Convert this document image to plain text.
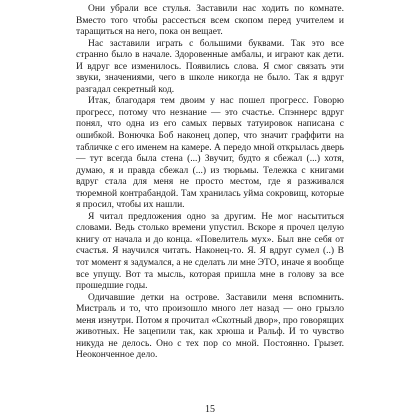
Они убрали все стулья. Заставили нас ходить по комнате. Вместо того чтобы рассесться всем скопом перед учителем и таращиться на него, пока он вещает.

Нас заставили играть с большими буквами. Так это все странно было в начале. Здоровенные амбалы, и играют как дети. И вдруг все изменилось. Появились слова. Я смог связать эти звуки, значениями, чего в школе никогда не было. Так я вдруг разгадал секретный код.

Итак, благодаря тем двоим у нас пошел прогресс. Говорю прогресс, потому что незнание — это счастье. Спэннерс вдруг понял, что одна из его самых первых татуировок написана с ошибкой. Вонючка Боб наконец допер, что значит граффити на табличке с его именем на камере. А передо мной открылась дверь — тут всегда была стена (...) Звучит, будто я сбежал (...) хотя, думаю, я и правда сбежал (...) из тюрьмы. Тележка с книгами вдруг стала для меня не просто местом, где я разживался тюремной контрабандой. Там хранилась уйма сокровищ, которые я просил, чтобы их нашли.

Я читал предложения одно за другим. Не мог насытиться словами. Ведь столько времени упустил. Вскоре я прочел целую книгу от начала и до конца. «Повелитель мух». Был вне себя от счастья. Я научился читать. Наконец-то. Я. Я вдруг сумел (..) В тот момент я задумался, а не сделать ли мне ЭТО, иначе я вообще все упущу. Вот та мысль, которая пришла мне в голову за все прошедшие годы.

Одичавшие детки на острове. Заставили меня вспомнить. Мистраль и то, что произошло много лет назад — оно грызло меня изнутри. Потом я прочитал «Скотный двор», про говорящих животных. Не зацепили так, как хрюша и Ральф. И то чувство никуда не делось. Оно с тех пор со мной. Постоянно. Грызет. Неоконченное дело.

15
